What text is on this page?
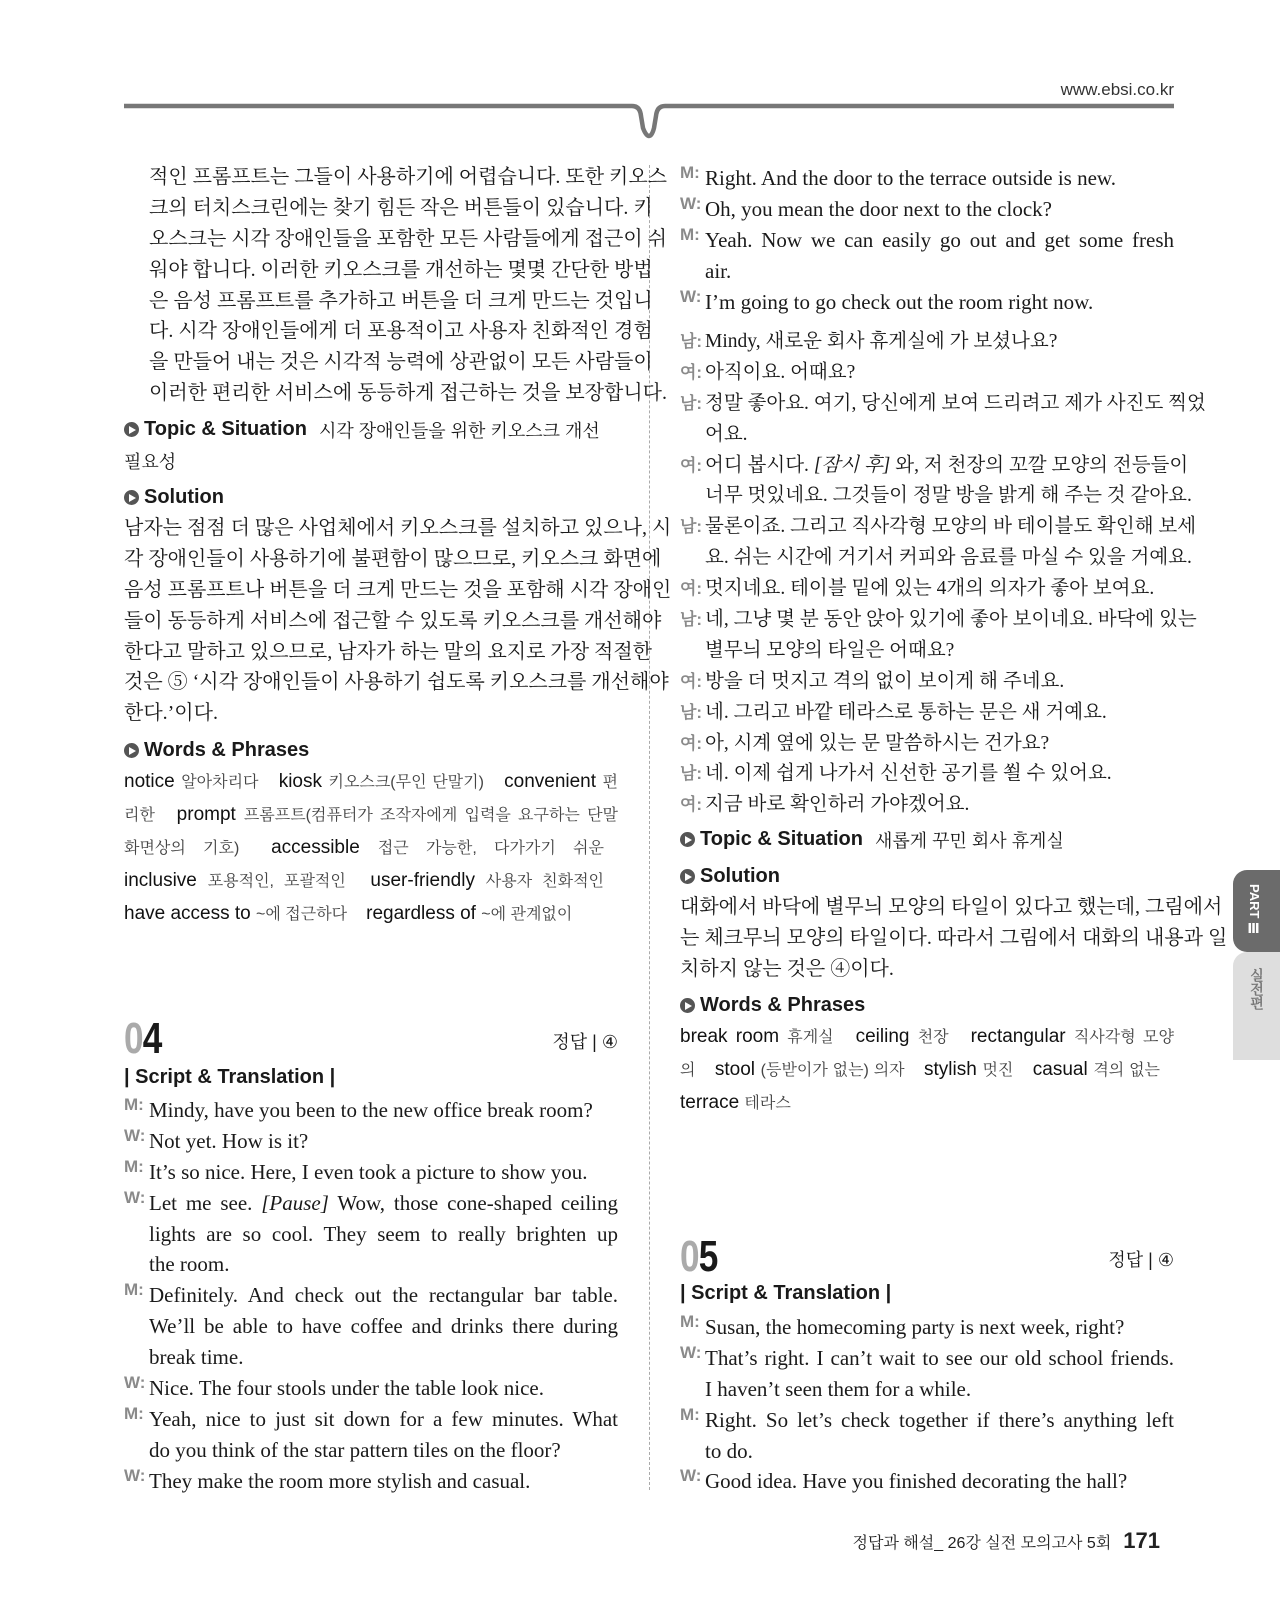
www.ebsi.co.kr
적인 프롬프트는 그들이 사용하기에 어렵습니다. 또한 키오스
크의 터치스크린에는 찾기 힘든 작은 버튼들이 있습니다. 키
오스크는 시각 장애인들을 포함한 모든 사람들에게 접근이 쉬
워야 합니다. 이러한 키오스크를 개선하는 몇몇 간단한 방법
은 음성 프롬프트를 추가하고 버튼을 더 크게 만드는 것입니
다. 시각 장애인들에게 더 포용적이고 사용자 친화적인 경험
을 만들어 내는 것은 시각적 능력에 상관없이 모든 사람들이
이러한 편리한 서비스에 동등하게 접근하는 것을 보장합니다.
Topic & Situation 시각 장애인들을 위한 키오스크 개선 필요성
Solution
남자는 점점 더 많은 사업체에서 키오스크를 설치하고 있으나, 시
각 장애인들이 사용하기에 불편함이 많으므로, 키오스크 화면에
음성 프롬프트나 버튼을 더 크게 만드는 것을 포함해 시각 장애인
들이 동등하게 서비스에 접근할 수 있도록 키오스크를 개선해야
한다고 말하고 있으므로, 남자가 하는 말의 요지로 가장 적절한
것은 ⑤ ‘시각 장애인들이 사용하기 쉽도록 키오스크를 개선해야
한다.’이다.
Words & Phrases
notice 알아차리다 kiosk 키오스크(무인 단말기) convenient 편리한 prompt 프롬프트(컴퓨터가 조작자에게 입력을 요구하는 단말 화면상의 기호) accessible 접근 가능한, 다가가기 쉬운 inclusive 포용적인, 포괄적인 user-friendly 사용자 친화적인 have access to ~에 접근하다 regardless of ~에 관계없이
04	정답 | ④
| Script & Translation |
M: Mindy, have you been to the new office break room?
W: Not yet. How is it?
M: It’s so nice. Here, I even took a picture to show you.
W: Let me see. [Pause] Wow, those cone-shaped ceiling
lights are so cool. They seem to really brighten up
the room.
M: Definitely. And check out the rectangular bar table.
We’ll be able to have coffee and drinks there during
break time.
W: Nice. The four stools under the table look nice.
M: Yeah, nice to just sit down for a few minutes. What
do you think of the star pattern tiles on the floor?
W: They make the room more stylish and casual.
M: Right. And the door to the terrace outside is new.
W: Oh, you mean the door next to the clock?
M: Yeah. Now we can easily go out and get some fresh
air.
W: I’m going to go check out the room right now.
남: Mindy, 새로운 회사 휴게실에 가 보셨나요?
여: 아직이요. 어때요?
남: 정말 좋아요. 여기, 당신에게 보여 드리려고 제가 사진도 찍었
어요.
여: 어디 봅시다. [잠시 후] 와, 저 천장의 꼬깔 모양의 전등들이
너무 멋있네요. 그것들이 정말 방을 밝게 해 주는 것 같아요.
남: 물론이죠. 그리고 직사각형 모양의 바 테이블도 확인해 보세
요. 쉬는 시간에 거기서 커피와 음료를 마실 수 있을 거예요.
여: 멋지네요. 테이블 밑에 있는 4개의 의자가 좋아 보여요.
남: 네, 그냥 몇 분 동안 앉아 있기에 좋아 보이네요. 바닥에 있는
별무늬 모양의 타일은 어때요?
여: 방을 더 멋지고 격의 없이 보이게 해 주네요.
남: 네. 그리고 바깥 테라스로 통하는 문은 새 거예요.
여: 아, 시계 옆에 있는 문 말씀하시는 건가요?
남: 네. 이제 쉽게 나가서 신선한 공기를 쐴 수 있어요.
여: 지금 바로 확인하러 가야겠어요.
Topic & Situation 새롭게 꾸민 회사 휴게실
Solution
대화에서 바닥에 별무늬 모양의 타일이 있다고 했는데, 그림에서
는 체크무늬 모양의 타일이다. 따라서 그림에서 대화의 내용과 일
치하지 않는 것은 ④이다.
Words & Phrases
break room 휴게실 ceiling 천장 rectangular 직사각형 모양의 stool (등받이가 없는) 의자 stylish 멋진 casual 격의 없는 terrace 테라스
05	정답 | ④
| Script & Translation |
M: Susan, the homecoming party is next week, right?
W: That’s right. I can’t wait to see our old school friends.
I haven’t seen them for a while.
M: Right. So let’s check together if there’s anything left
to do.
W: Good idea. Have you finished decorating the hall?
PART Ⅲ
실전편
정답과 해설_ 26강 실전 모의고사 5회 171
